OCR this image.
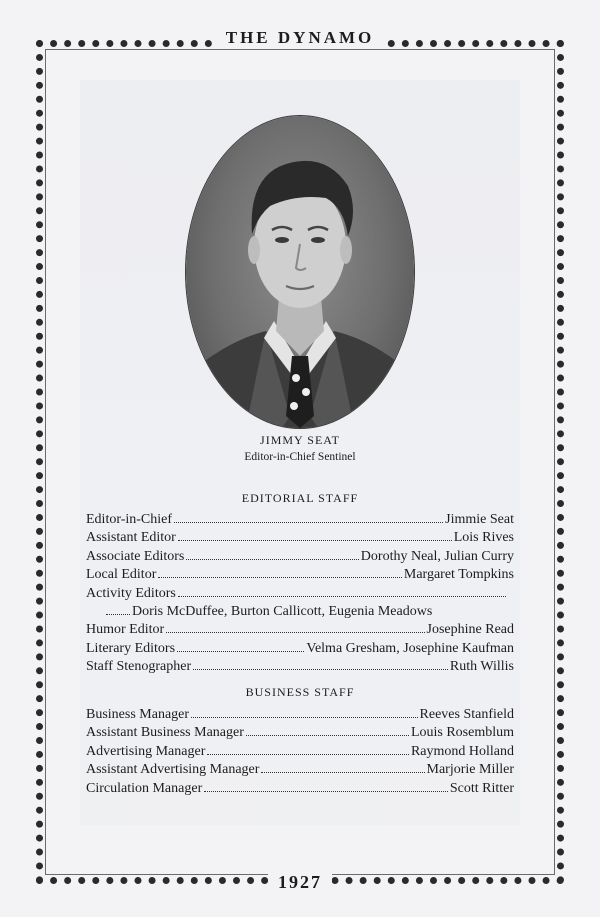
THE DYNAMO
JIMMY SEAT
Editor-in-Chief Sentinel
EDITORIAL STAFF
Editor-in-Chief	Jimmie Seat
Assistant Editor	Lois Rives
Associate Editors	Dorothy Neal, Julian Curry
Local Editor	Margaret Tompkins
Activity Editors
Doris McDuffee, Burton Callicott, Eugenia Meadows
Humor Editor	Josephine Read
Literary Editors	Velma Gresham, Josephine Kaufman
Staff Stenographer	Ruth Willis
BUSINESS STAFF
Business Manager	Reeves Stanfield
Assistant Business Manager	Louis Rosemblum
Advertising Manager	Raymond Holland
Assistant Advertising Manager	Marjorie Miller
Circulation Manager	Scott Ritter
1927
